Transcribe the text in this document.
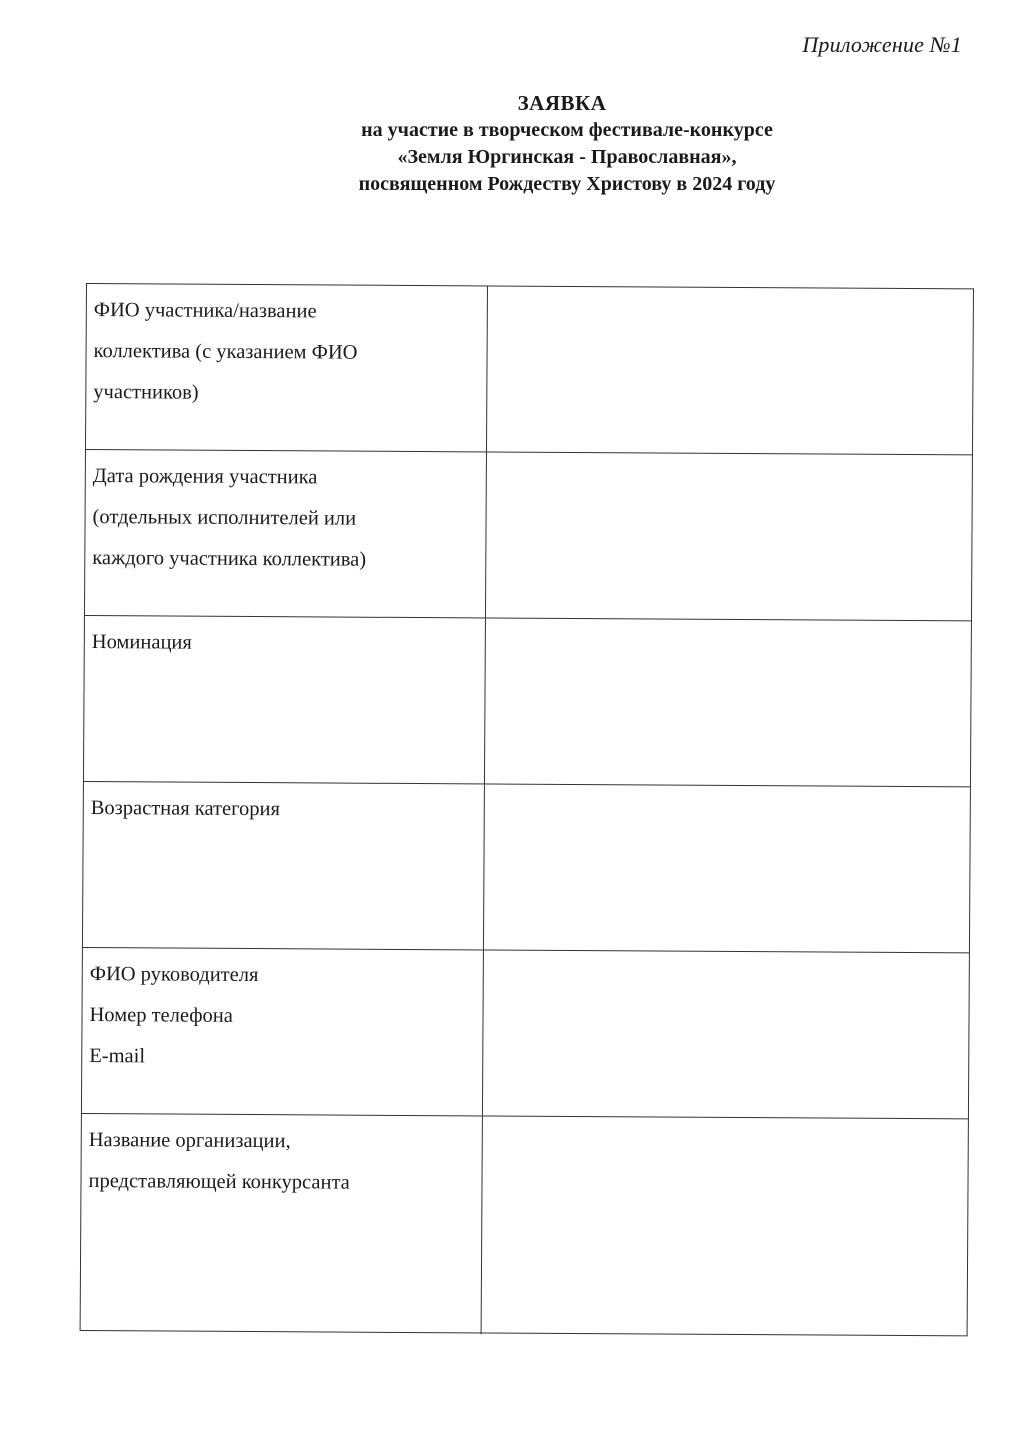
Приложение №1
ЗАЯВКА
на участие в творческом фестивале-конкурсе
«Земля Юргинская - Православная»,
посвященном Рождеству Христову в 2024 году
ФИО участника/название
коллектива (с указанием ФИО
участников)
Дата рождения участника
(отдельных исполнителей или
каждого участника коллектива)
Номинация
Возрастная категория
ФИО руководителя
Номер телефона
E-mail
Название организации,
представляющей конкурсанта
